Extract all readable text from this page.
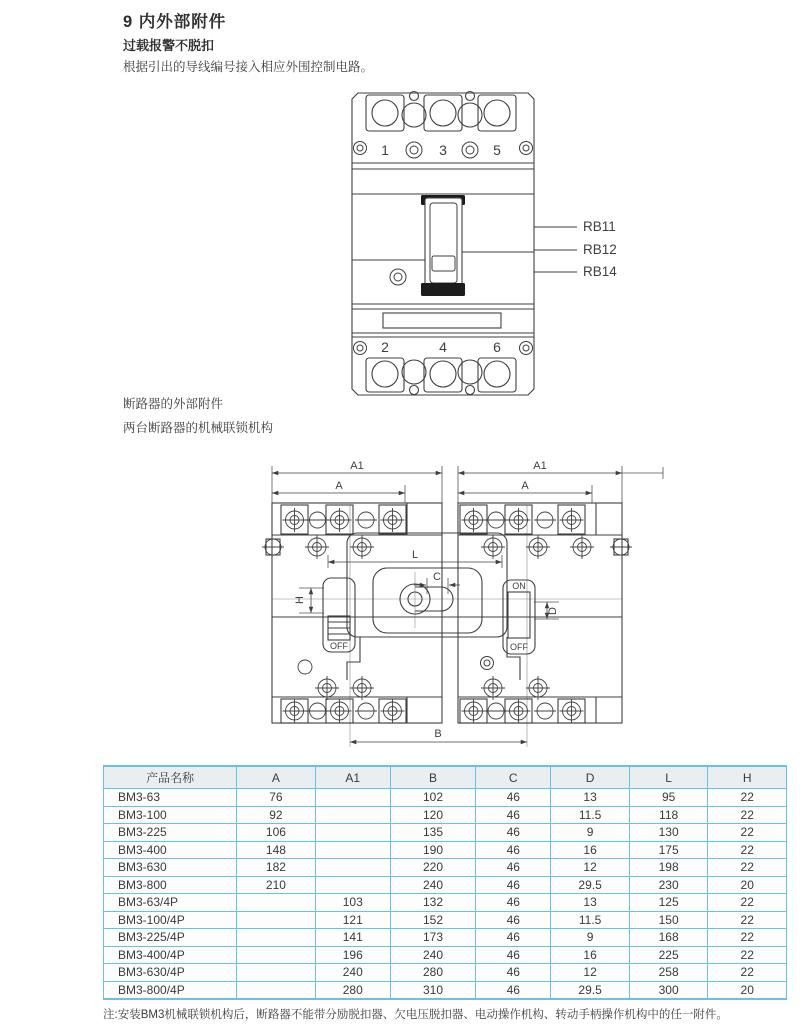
9 内外部附件
过载报警不脱扣
根据引出的导线编号接入相应外围控制电路。
1	3	5
2	4	6
RB11
RB12
RB14
断路器的外部附件
两台断路器的机械联锁机构
A1	A1
A	A
L
C
H
D
B
OFF
ON
OFF
产品名称	A	A1	B	C	D	L	H
BM3-63	76		102	46	13	95	22
BM3-100	92		120	46	11.5	118	22
BM3-225	106		135	46	9	130	22
BM3-400	148		190	46	16	175	22
BM3-630	182		220	46	12	198	22
BM3-800	210		240	46	29.5	230	20
BM3-63/4P		103	132	46	13	125	22
BM3-100/4P		121	152	46	11.5	150	22
BM3-225/4P		141	173	46	9	168	22
BM3-400/4P		196	240	46	16	225	22
BM3-630/4P		240	280	46	12	258	22
BM3-800/4P		280	310	46	29.5	300	20
注:安装BM3机械联锁机构后，断路器不能带分励脱扣器、欠电压脱扣器、电动操作机构、转动手柄操作机构中的任一附件。
